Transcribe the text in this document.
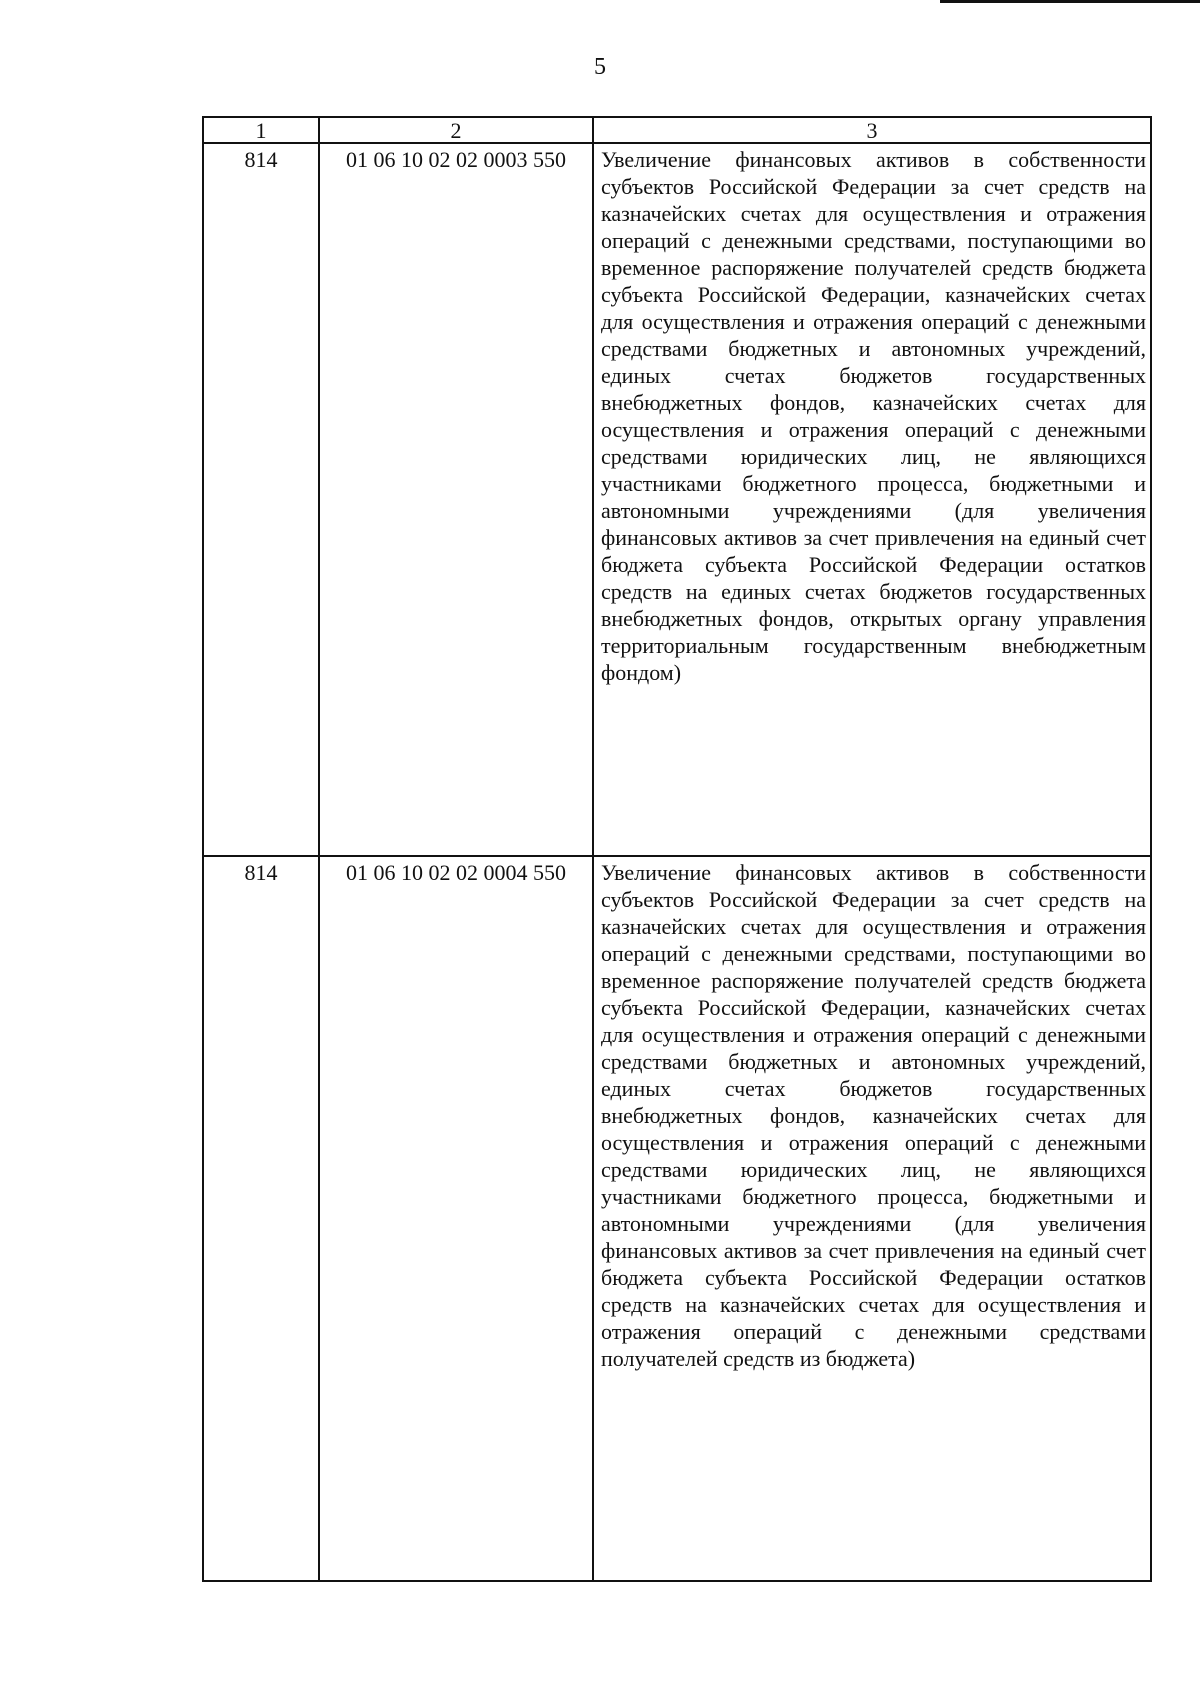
5
1	2	3
814	01 06 10 02 02 0003 550	Увеличение финансовых активов в собственности субъектов Российской Федерации за счет средств на казначейских счетах для осуществления и отражения операций с денежными средствами, поступающими во временное распоряжение получателей средств бюджета субъекта Российской Федерации, казначейских счетах для осуществления и отражения операций с денежными средствами бюджетных и автономных учреждений, единых счетах бюджетов государственных внебюджетных фондов, казначейских счетах для осуществления и отражения операций с денежными средствами юридических лиц, не являющихся участниками бюджетного процесса, бюджетными и автономными учреждениями (для увеличения финансовых активов за счет привлечения на единый счет бюджета субъекта Российской Федерации остатков средств на единых счетах бюджетов государственных внебюджетных фондов, открытых органу управления территориальным государственным внебюджетным фондом)
814	01 06 10 02 02 0004 550	Увеличение финансовых активов в собственности субъектов Российской Федерации за счет средств на казначейских счетах для осуществления и отражения операций с денежными средствами, поступающими во временное распоряжение получателей средств бюджета субъекта Российской Федерации, казначейских счетах для осуществления и отражения операций с денежными средствами бюджетных и автономных учреждений, единых счетах бюджетов государственных внебюджетных фондов, казначейских счетах для осуществления и отражения операций с денежными средствами юридических лиц, не являющихся участниками бюджетного процесса, бюджетными и автономными учреждениями (для увеличения финансовых активов за счет привлечения на единый счет бюджета субъекта Российской Федерации остатков средств на казначейских счетах для осуществления и отражения операций с денежными средствами получателей средств из бюджета)
